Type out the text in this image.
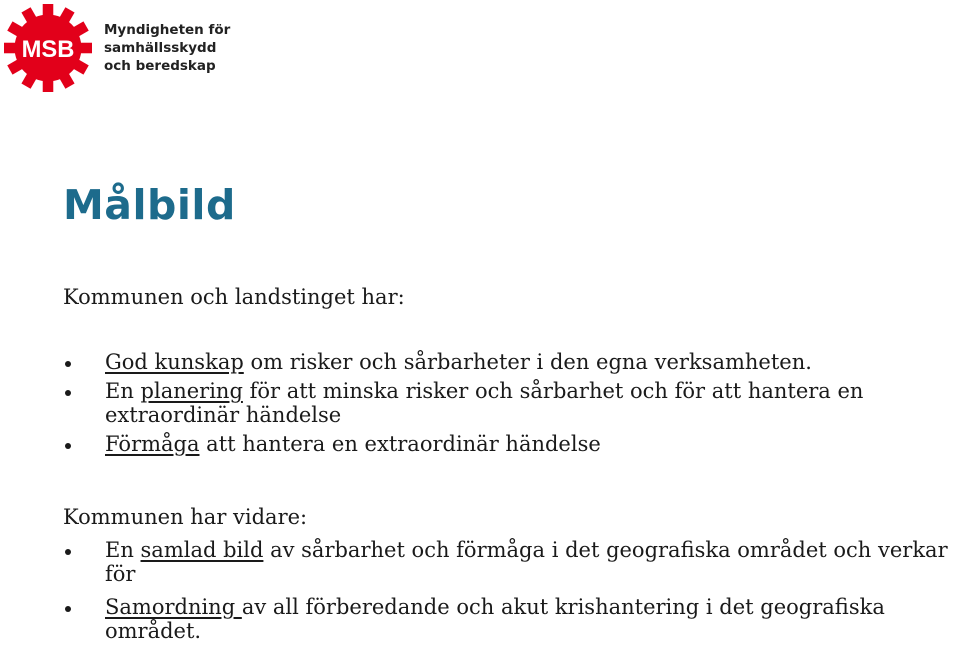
MSB
Myndigheten för
samhällsskydd
och beredskap
Målbild

Kommunen och landstinget har:

God kunskap om risker och sårbarheter i den egna verksamheten.
En planering för att minska risker och sårbarhet och för att hantera en extraordinär händelse
Förmåga att hantera en extraordinär händelse

Kommunen har vidare:

En samlad bild av sårbarhet och förmåga i det geografiska området och verkar för
Samordning av all förberedande och akut krishantering i det geografiska området.
